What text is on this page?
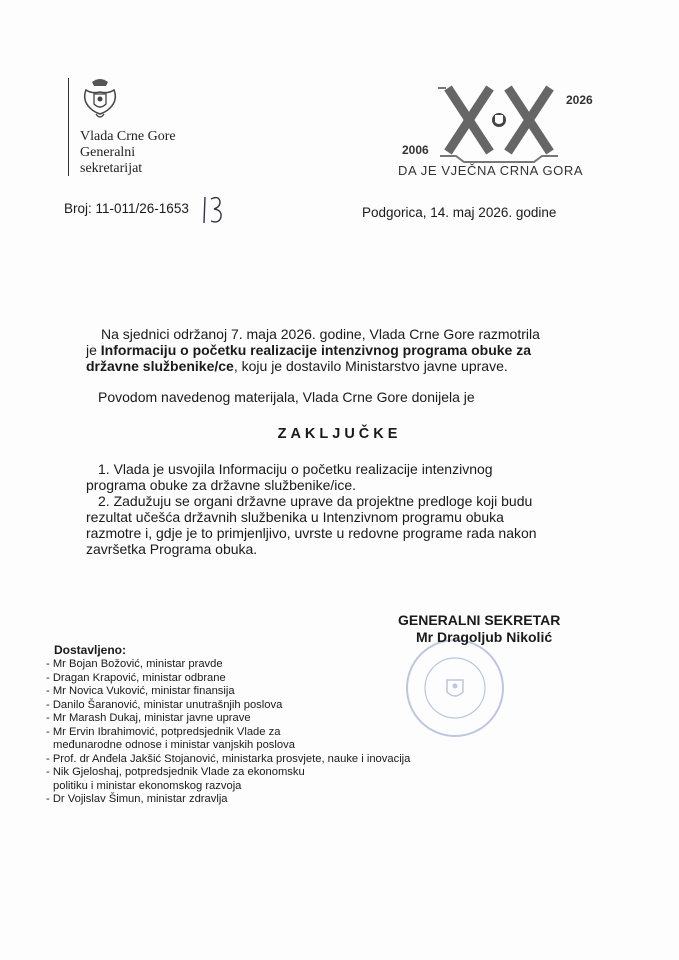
Vlada Crne Gore
Generalni
sekretarijat
2026
2006
DA JE VJEČNA CRNA GORA
Broj: 11-011/26-1653
13
Podgorica, 14. maj 2026. godine
Na sjednici održanoj 7. maja 2026. godine, Vlada Crne Gore razmotrila
je Informaciju o početku realizacije intenzivnog programa obuke za
državne službenike/ce, koju je dostavilo Ministarstvo javne uprave.
Povodom navedenog materijala, Vlada Crne Gore donijela je
ZAKLJUČKE
1. Vlada je usvojila Informaciju o početku realizacije intenzivnog
programa obuke za državne službenike/ice.
2. Zadužuju se organi državne uprave da projektne predloge koji budu
rezultat učešća državnih službenika u Intenzivnom programu obuka
razmotre i, gdje je to primjenljivo, uvrste u redovne programe rada nakon
završetka Programa obuka.
GENERALNI SEKRETAR
Mr Dragoljub Nikolić
Dostavljeno:
- Mr Bojan Božović, ministar pravde
- Dragan Krapović, ministar odbrane
- Mr Novica Vuković, ministar finansija
- Danilo Šaranović, ministar unutrašnjih poslova
- Mr Marash Dukaj, ministar javne uprave
- Mr Ervin Ibrahimović, potpredsjednik Vlade za
međunarodne odnose i ministar vanjskih poslova
- Prof. dr Anđela Jakšić Stojanović, ministarka prosvjete, nauke i inovacija
- Nik Gjeloshaj, potpredsjednik Vlade za ekonomsku
politiku i ministar ekonomskog razvoja
- Dr Vojislav Šimun, ministar zdravlja
